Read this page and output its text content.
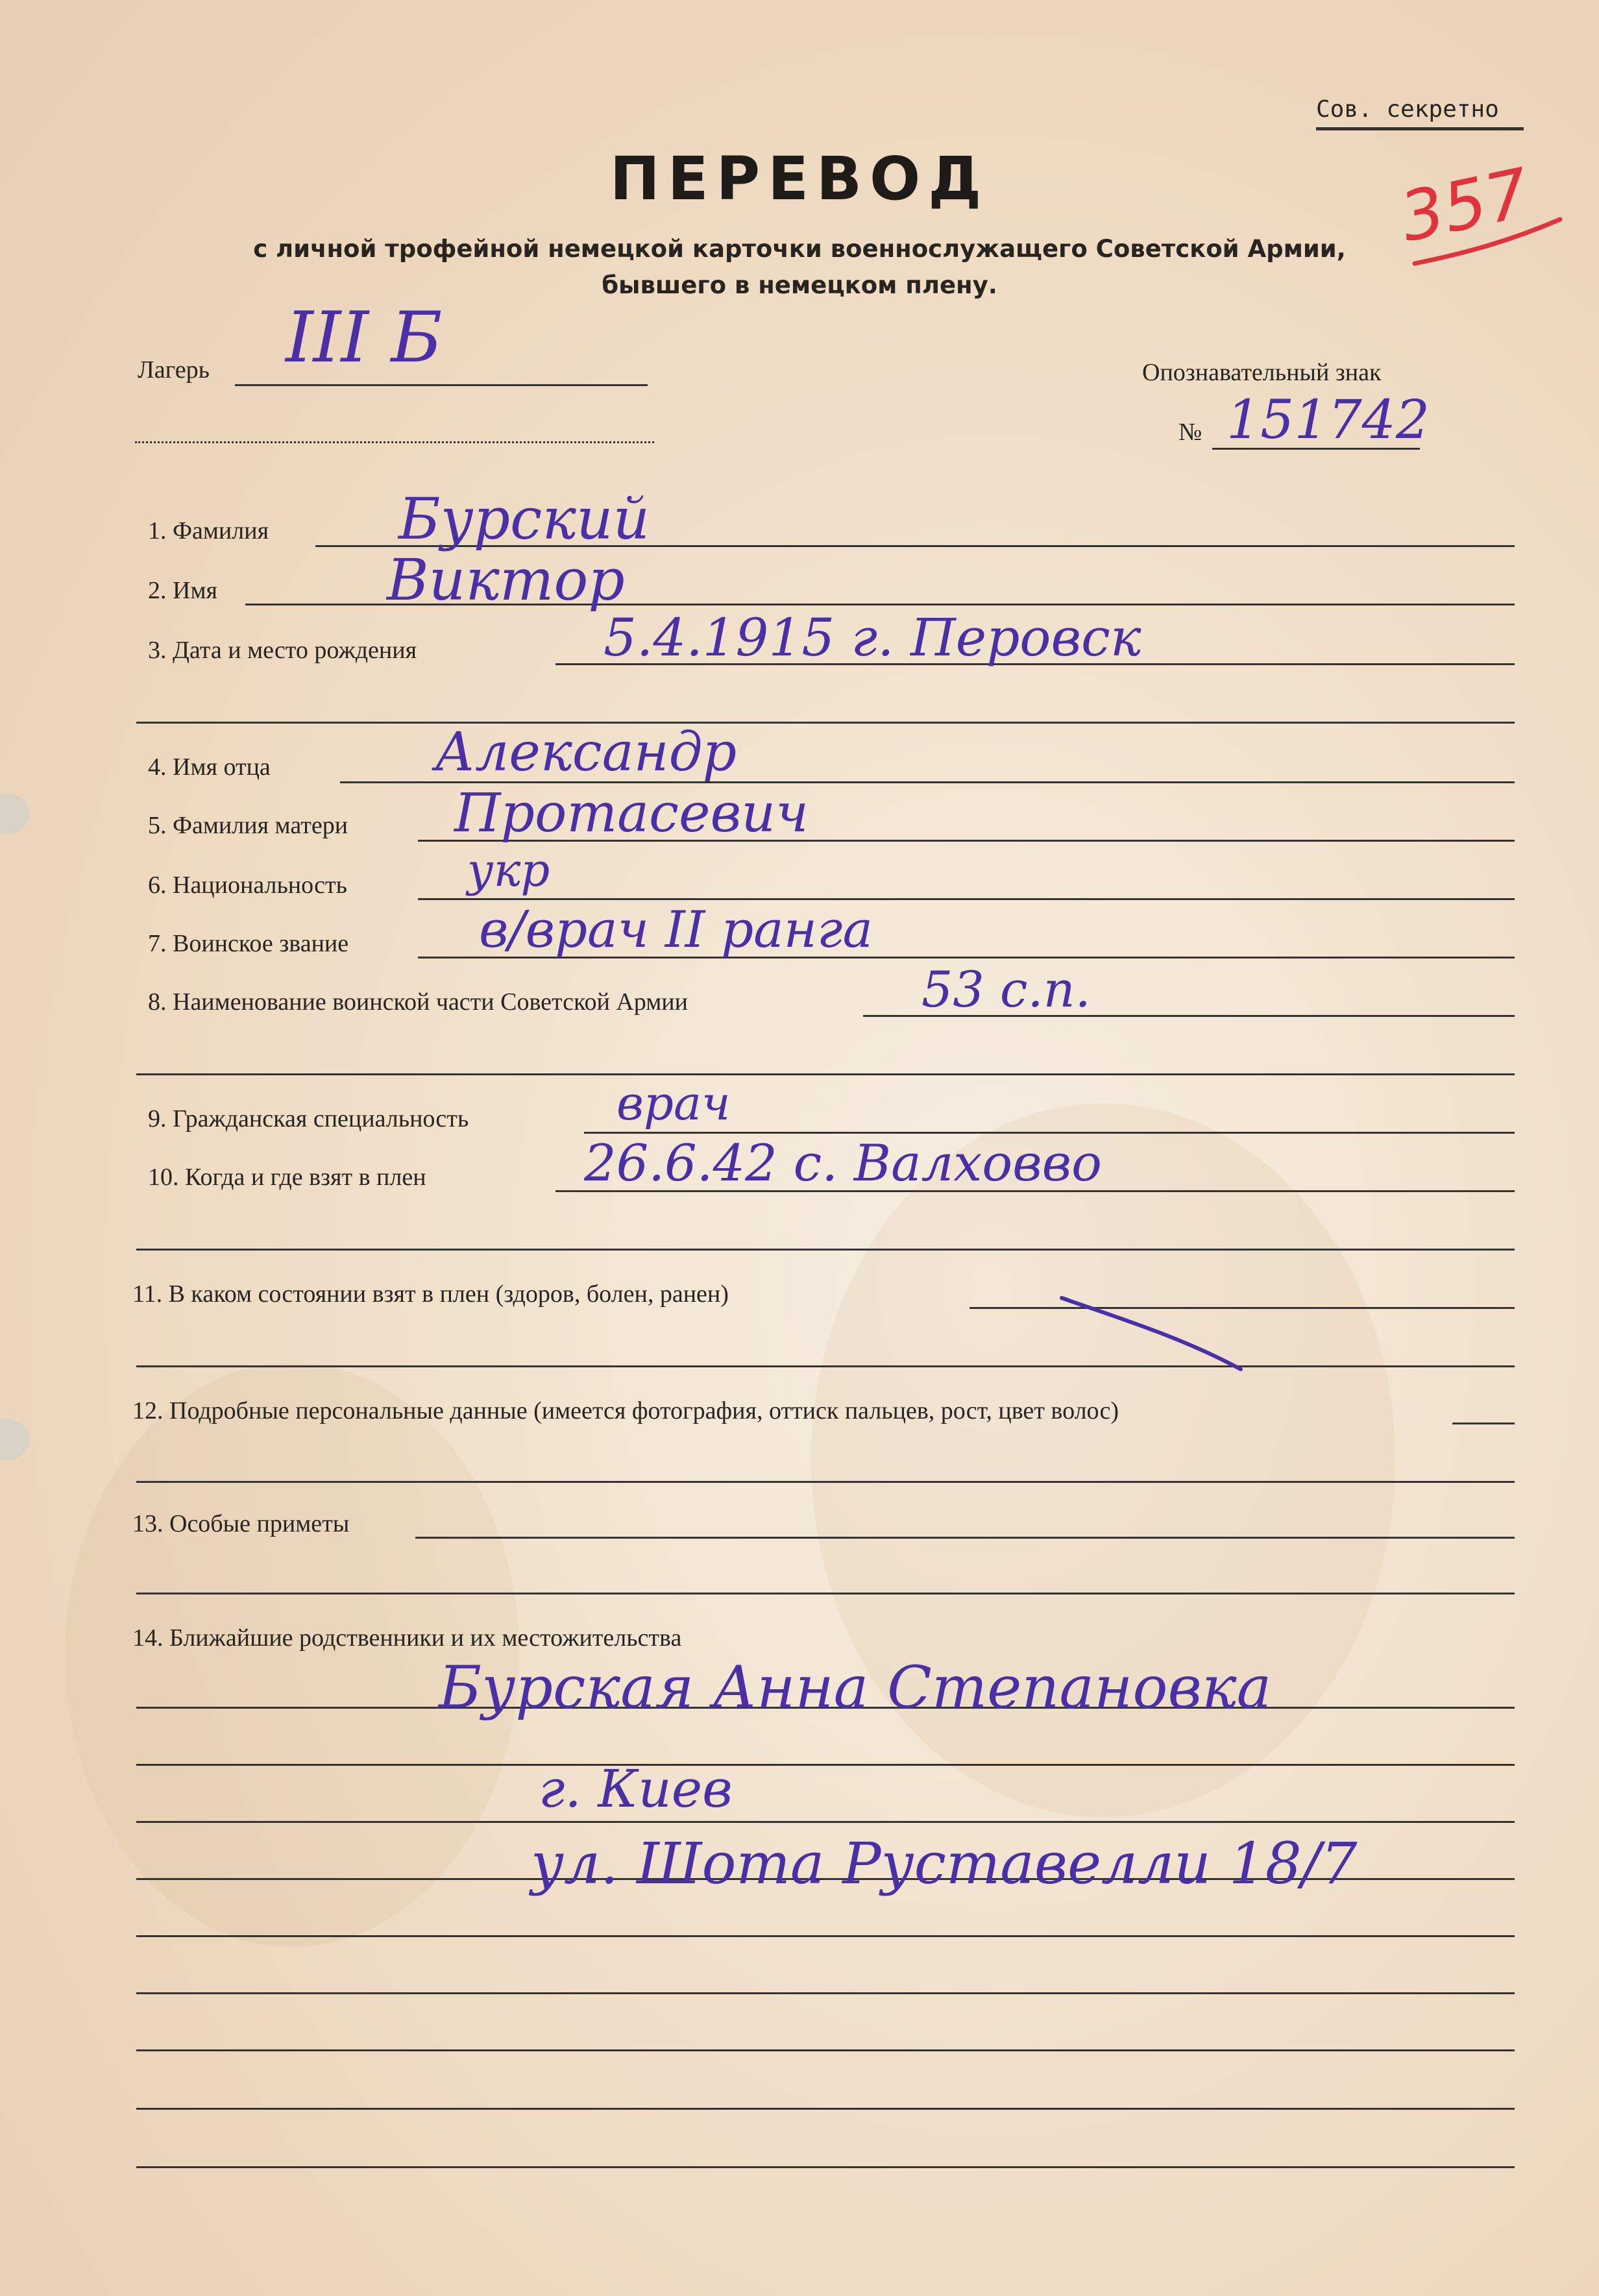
Сов. секретно
357
ПЕРЕВОД
с личной трофейной немецкой карточки военнослужащего Советской Армии,
бывшего в немецком плену.
Лагерь III Б	Опознавательный знак
№ 151742
1. Фамилия
2. Имя
3. Дата и место рождения
4. Имя отца
5. Фамилия матери
6. Национальность
7. Воинское звание
8. Наименование воинской части Советской Армии
9. Гражданская специальность
10. Когда и где взят в плен
11. В каком состоянии взят в плен (здоров, болен, ранен)
12. Подробные персональные данные (имеется фотография, оттиск пальцев, рост, цвет волос)
13. Особые приметы
14. Ближайшие родственники и их местожительства
Бурский
Виктор
5.4.1915 г. Перовск
Александр
Протасевич
укр
в/врач II ранга
53 с.п.
врач
26.6.42 с. Валховво
Бурская Анна Степановка
г. Киев
ул. Шота Руставелли 18/7
